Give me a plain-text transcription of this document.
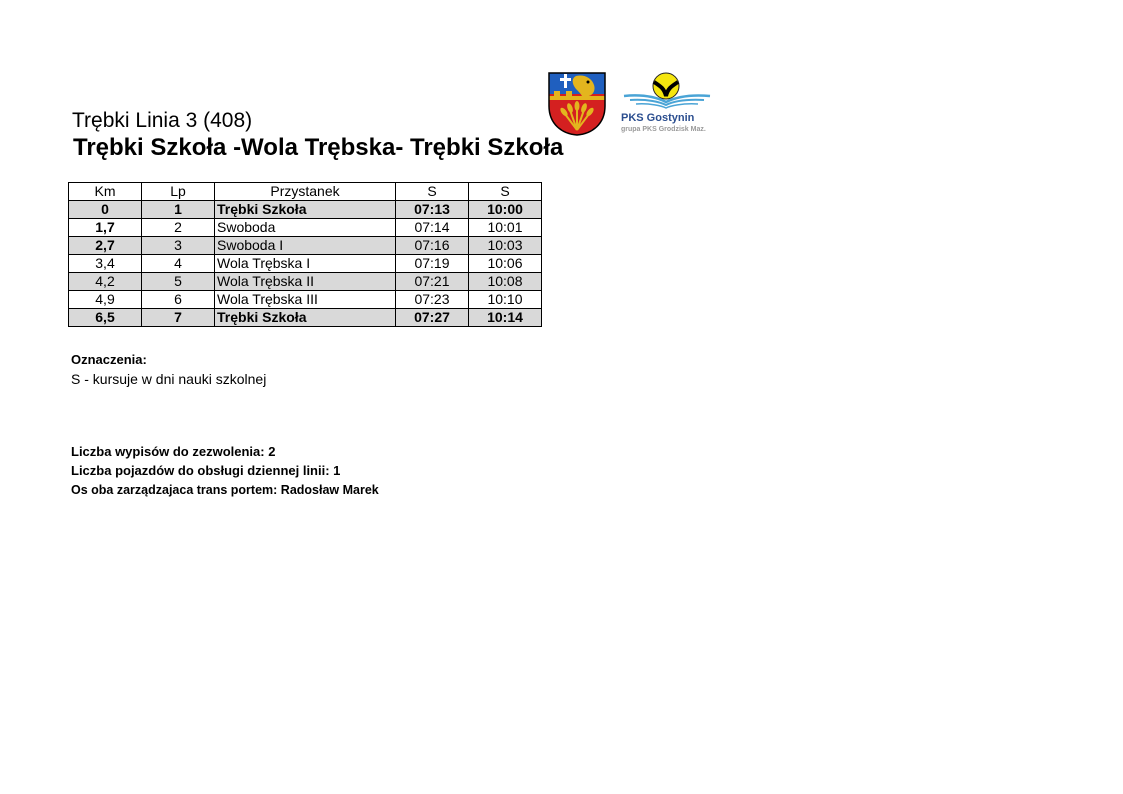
Trębki Linia 3 (408)
Trębki Szkoła -Wola Trębska- Trębki Szkoła
PKS Gostynin
grupa PKS Grodzisk Maz.
Km	Lp	Przystanek	S	S
0	1	Trębki Szkoła	07:13	10:00
1,7	2	Swoboda	07:14	10:01
2,7	3	Swoboda I	07:16	10:03
3,4	4	Wola Trębska I	07:19	10:06
4,2	5	Wola Trębska II	07:21	10:08
4,9	6	Wola Trębska III	07:23	10:10
6,5	7	Trębki Szkoła	07:27	10:14
Oznaczenia:
S - kursuje w dni nauki szkolnej
Liczba wypisów do zezwolenia: 2
Liczba pojazdów do obsługi dziennej linii: 1
Os oba zarządzajaca trans portem: Radosław Marek
